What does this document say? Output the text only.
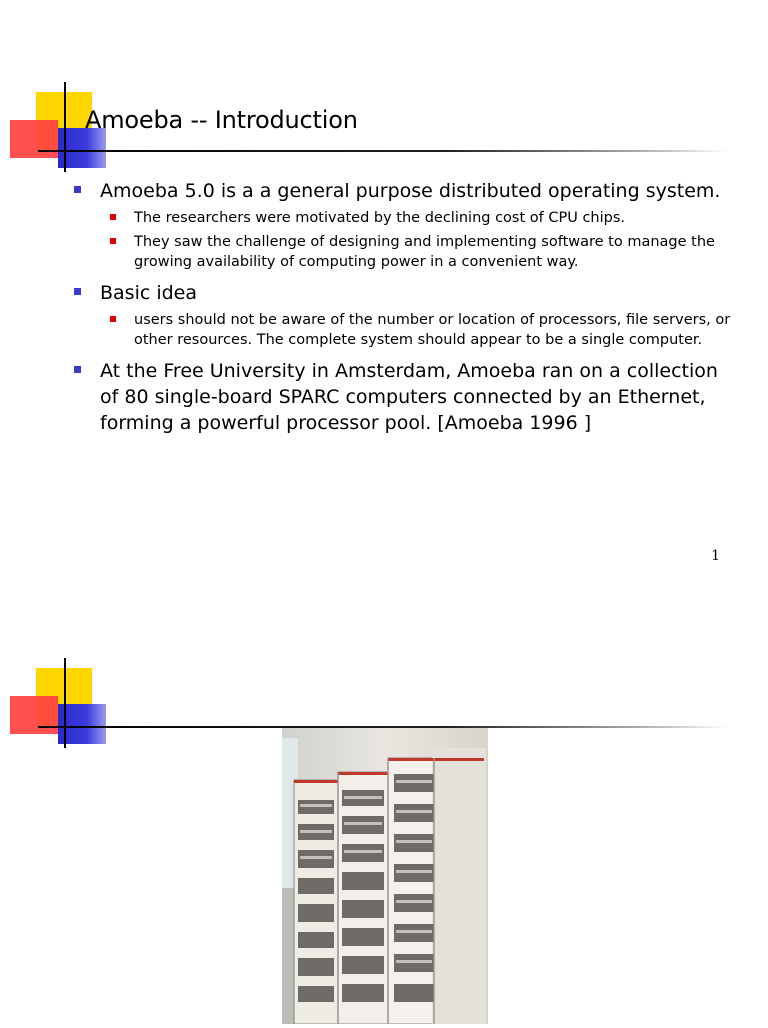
Amoeba -- Introduction
Amoeba 5.0 is a a general purpose distributed operating system.
The researchers were motivated by the declining cost of CPU chips.
They saw the challenge of designing and implementing software to manage the growing availability of computing power in a convenient way.
Basic idea
users should not be aware of the number or location of processors, file servers, or other resources. The complete system should appear to be a single computer.
At the Free University in Amsterdam, Amoeba ran on a collection of 80 single-board SPARC computers connected by an Ethernet, forming a powerful processor pool. [Amoeba 1996 ]
1
